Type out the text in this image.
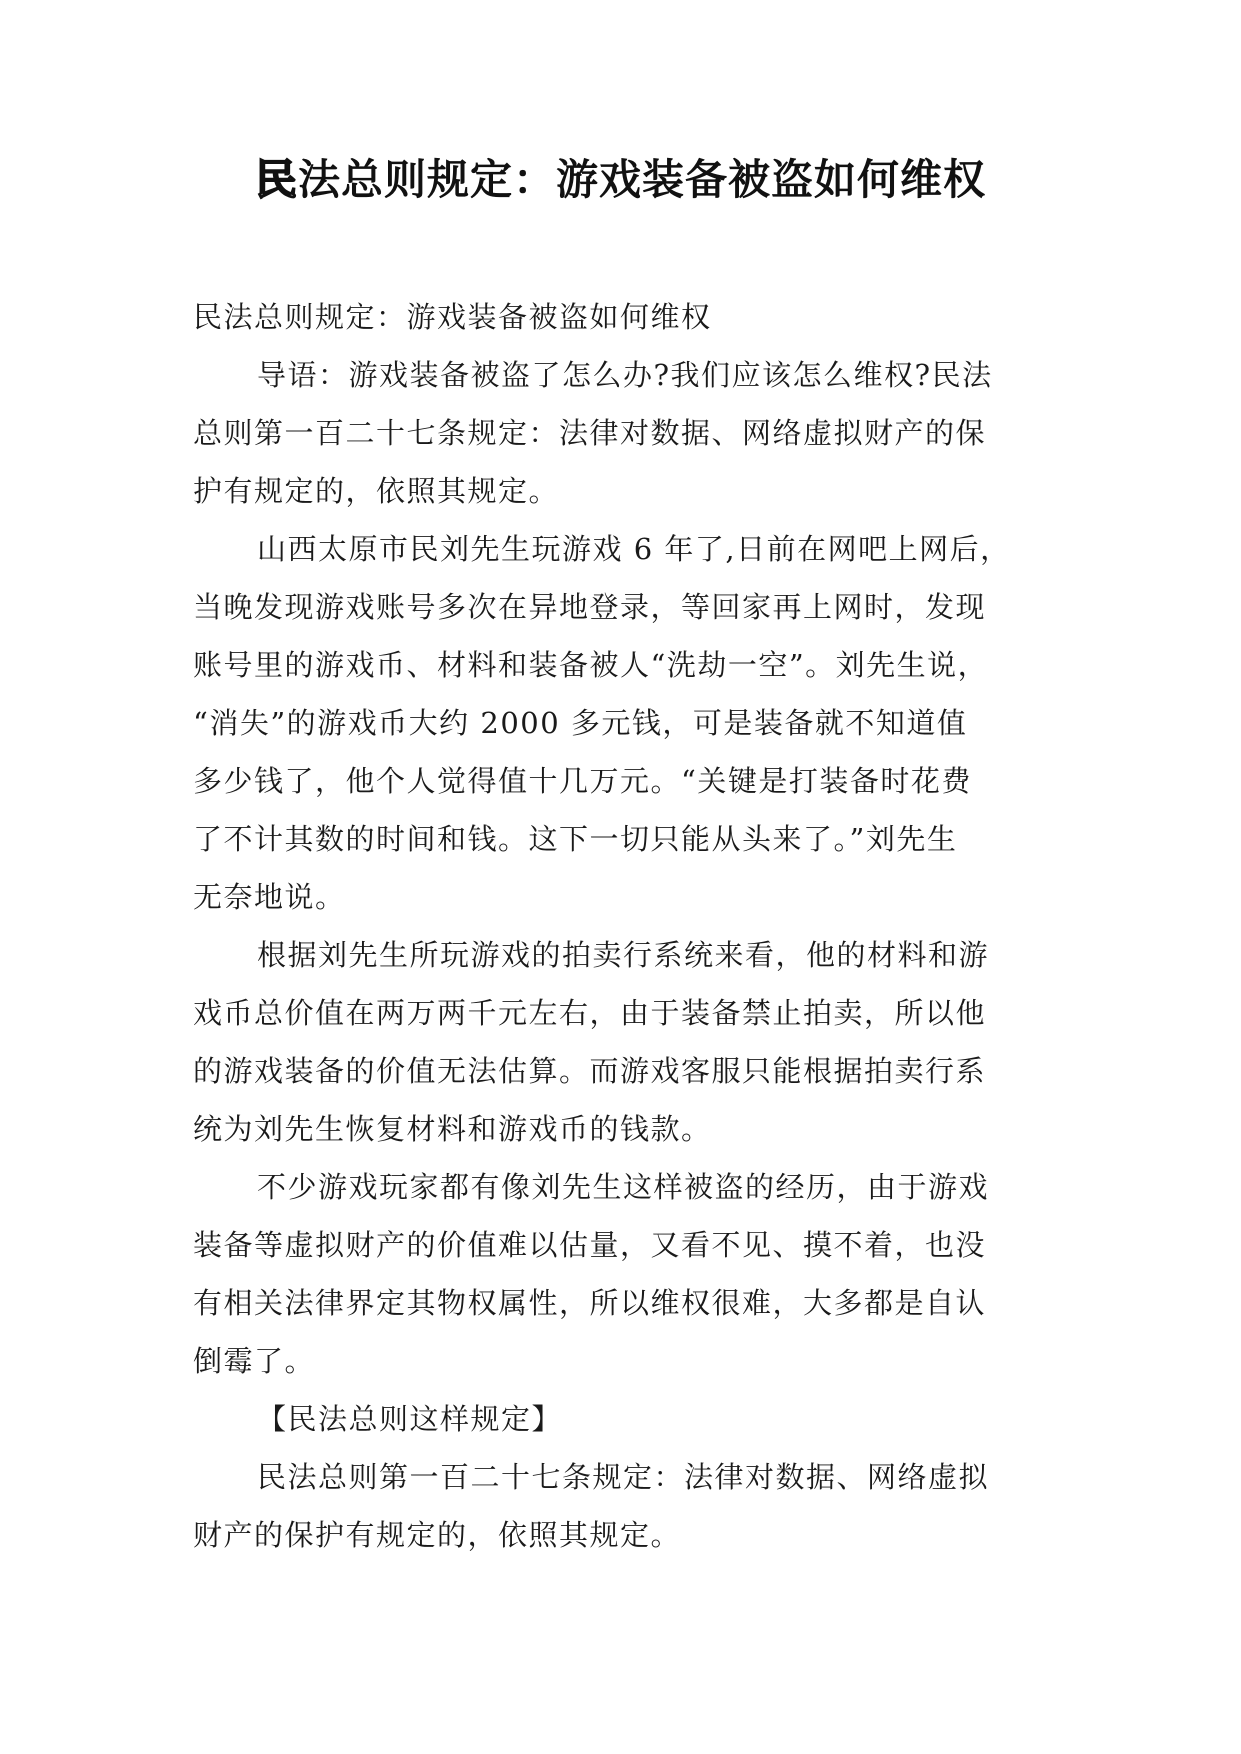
民法总则规定：游戏装备被盗如何维权
民法总则规定：游戏装备被盗如何维权
导语：游戏装备被盗了怎么办?我们应该怎么维权?民法
总则第一百二十七条规定：法律对数据、网络虚拟财产的保
护有规定的，依照其规定。
山西太原市民刘先生玩游戏 6 年了,日前在网吧上网后，
当晚发现游戏账号多次在异地登录，等回家再上网时，发现
账号里的游戏币、材料和装备被人“洗劫一空”。刘先生说，
“消失”的游戏币大约 2000 多元钱，可是装备就不知道值
多少钱了，他个人觉得值十几万元。“关键是打装备时花费
了不计其数的时间和钱。这下一切只能从头来了。”刘先生
无奈地说。
根据刘先生所玩游戏的拍卖行系统来看，他的材料和游
戏币总价值在两万两千元左右，由于装备禁止拍卖，所以他
的游戏装备的价值无法估算。而游戏客服只能根据拍卖行系
统为刘先生恢复材料和游戏币的钱款。
不少游戏玩家都有像刘先生这样被盗的经历，由于游戏
装备等虚拟财产的价值难以估量，又看不见、摸不着，也没
有相关法律界定其物权属性，所以维权很难，大多都是自认
倒霉了。
【民法总则这样规定】
民法总则第一百二十七条规定：法律对数据、网络虚拟
财产的保护有规定的，依照其规定。
